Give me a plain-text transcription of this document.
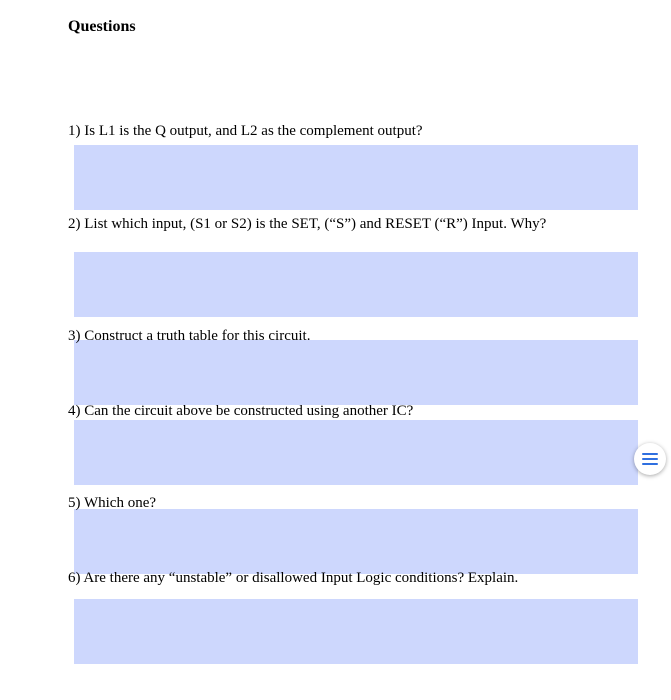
Questions
1) Is L1 is the Q output, and L2 as the complement output?
2) List which input, (S1 or S2) is the SET, (“S”) and RESET (“R”) Input. Why?
3) Construct a truth table for this circuit.
4) Can the circuit above be constructed using another IC?
5) Which one?
6) Are there any “unstable” or disallowed Input Logic conditions? Explain.
